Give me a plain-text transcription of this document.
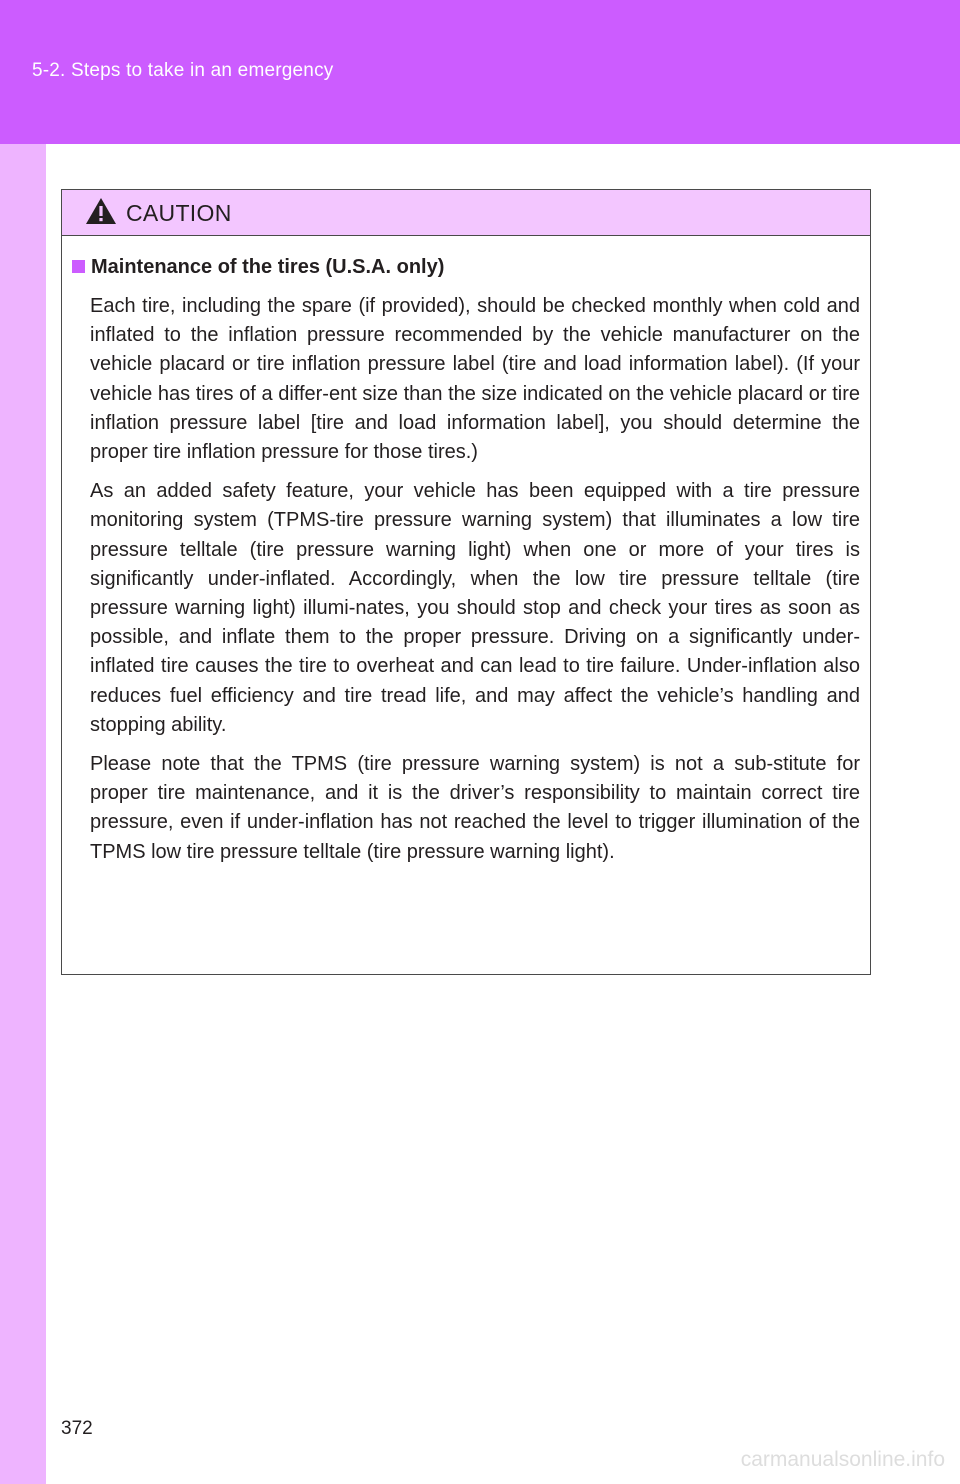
5-2. Steps to take in an emergency
CAUTION
Maintenance of the tires (U.S.A. only)

Each tire, including the spare (if provided), should be checked monthly when cold and inflated to the inflation pressure recommended by the vehicle manufacturer on the vehicle placard or tire inflation pressure label (tire and load information label). (If your vehicle has tires of a differ-ent size than the size indicated on the vehicle placard or tire inflation pressure label [tire and load information label], you should determine the proper tire inflation pressure for those tires.)

As an added safety feature, your vehicle has been equipped with a tire pressure monitoring system (TPMS-tire pressure warning system) that illuminates a low tire pressure telltale (tire pressure warning light) when one or more of your tires is significantly under-inflated. Accordingly, when the low tire pressure telltale (tire pressure warning light) illumi-nates, you should stop and check your tires as soon as possible, and inflate them to the proper pressure. Driving on a significantly under-inflated tire causes the tire to overheat and can lead to tire failure. Under-inflation also reduces fuel efficiency and tire tread life, and may affect the vehicle’s handling and stopping ability.

Please note that the TPMS (tire pressure warning system) is not a sub-stitute for proper tire maintenance, and it is the driver’s responsibility to maintain correct tire pressure, even if under-inflation has not reached the level to trigger illumination of the TPMS low tire pressure telltale (tire pressure warning light).

372
carmanualsonline.info
